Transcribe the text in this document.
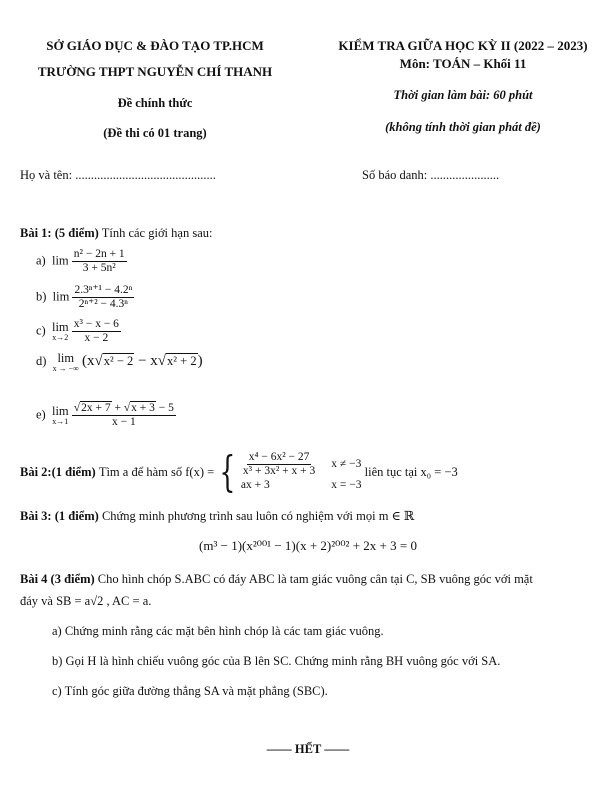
SỞ GIÁO DỤC & ĐÀO TẠO TP.HCM
TRƯỜNG THPT NGUYỄN CHÍ THANH
Đề chính thức
(Đề thi có 01 trang)
KIỂM TRA GIỮA HỌC KỲ II (2022 – 2023)
Môn: TOÁN – Khối 11
Thời gian làm bài: 60 phút
(không tính thời gian phát đề)
Họ và tên: .............................................	Số báo danh: ......................
Bài 1: (5 điểm) Tính các giới hạn sau:
a) $\lim \frac{\text{n² − 2n + 1}}{\text{3 + 5n²}}$
b) $\lim \frac{\text{2.3ⁿ⁺¹ − 4.2ⁿ}}{\text{2ⁿ⁺² − 4.3ⁿ}}$
c) lim
x→2
$\frac{\text{x³ − x − 6}}{x - 2}$
d) lim
x → −∞ (x√x² − 2 − x√x² + 2)
e) lim
x→1
$\frac{√2x + 7 + √x + 3 - 5}{x - 1}$
Bài 2:(1 điểm)
Tìm a để hàm số f(x) = { $\frac{\text{x⁴ − 6x² − 27}}{\text{x³ + 3x² + x + 3}}$ x ≠ −3
ax + 3	x = −3

liên tục tại x₀ = −3
Bài 3: (1 điểm) Chứng minh phương trình sau luôn có nghiệm với mọi m ∈ ℝ
(m³ − 1)(x²⁰⁰¹ − 1)(x + 2)²⁰⁰² + 2x + 3 = 0
Bài 4 (3 điểm) Cho hình chóp S.ABC có đáy ABC là tam giác vuông cân tại C, SB vuông góc với mặt
đáy và SB = a√2 , AC = a.
a) Chứng minh rằng các mặt bên hình chóp là các tam giác vuông.
b) Gọi H là hình chiếu vuông góc của B lên SC. Chứng minh rằng BH vuông góc với SA.
c) Tính góc giữa đường thẳng SA và mặt phẳng (SBC).
—— HẾT ——
